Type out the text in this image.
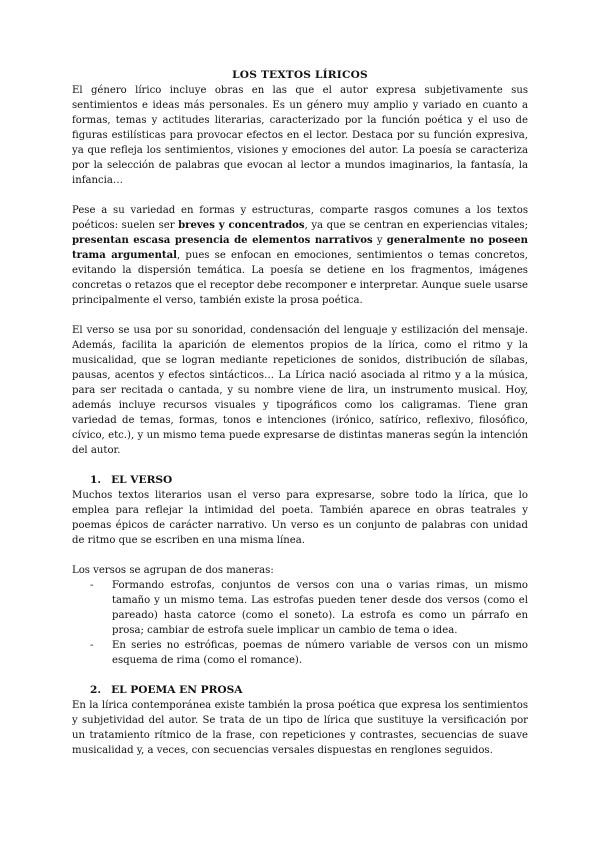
LOS TEXTOS LÍRICOS

El género lírico incluye obras en las que el autor expresa subjetivamente sus sentimientos e ideas más personales. Es un género muy amplio y variado en cuanto a formas, temas y actitudes literarias, caracterizado por la función poética y el uso de figuras estilísticas para provocar efectos en el lector. Destaca por su función expresiva, ya que refleja los sentimientos, visiones y emociones del autor. La poesía se caracteriza por la selección de palabras que evocan al lector a mundos imaginarios, la fantasía, la infancia…

Pese a su variedad en formas y estructuras, comparte rasgos comunes a los textos poéticos: suelen ser breves y concentrados, ya que se centran en experiencias vitales; presentan escasa presencia de elementos narrativos y generalmente no poseen trama argumental, pues se enfocan en emociones, sentimientos o temas concretos, evitando la dispersión temática. La poesía se detiene en los fragmentos, imágenes concretas o retazos que el receptor debe recomponer e interpretar. Aunque suele usarse principalmente el verso, también existe la prosa poética.

El verso se usa por su sonoridad, condensación del lenguaje y estilización del mensaje. Además, facilita la aparición de elementos propios de la lírica, como el ritmo y la musicalidad, que se logran mediante repeticiones de sonidos, distribución de sílabas, pausas, acentos y efectos sintácticos… La Lírica nació asociada al ritmo y a la música, para ser recitada o cantada, y su nombre viene de lira, un instrumento musical. Hoy, además incluye recursos visuales y tipográficos como los caligramas. Tiene gran variedad de temas, formas, tonos e intenciones (irónico, satírico, reflexivo, filosófico, cívico, etc.), y un mismo tema puede expresarse de distintas maneras según la intención del autor.

1. EL VERSO

Muchos textos literarios usan el verso para expresarse, sobre todo la lírica, que lo emplea para reflejar la intimidad del poeta. También aparece en obras teatrales y poemas épicos de carácter narrativo. Un verso es un conjunto de palabras con unidad de ritmo que se escriben en una misma línea.

Los versos se agrupan de dos maneras:

- Formando estrofas, conjuntos de versos con una o varias rimas, un mismo tamaño y un mismo tema. Las estrofas pueden tener desde dos versos (como el pareado) hasta catorce (como el soneto). La estrofa es como un párrafo en prosa; cambiar de estrofa suele implicar un cambio de tema o idea.
- En series no estróficas, poemas de número variable de versos con un mismo esquema de rima (como el romance).
2. EL POEMA EN PROSA

En la lírica contemporánea existe también la prosa poética que expresa los sentimientos y subjetividad del autor. Se trata de un tipo de lírica que sustituye la versificación por un tratamiento rítmico de la frase, con repeticiones y contrastes, secuencias de suave musicalidad y, a veces, con secuencias versales dispuestas en renglones seguidos.
